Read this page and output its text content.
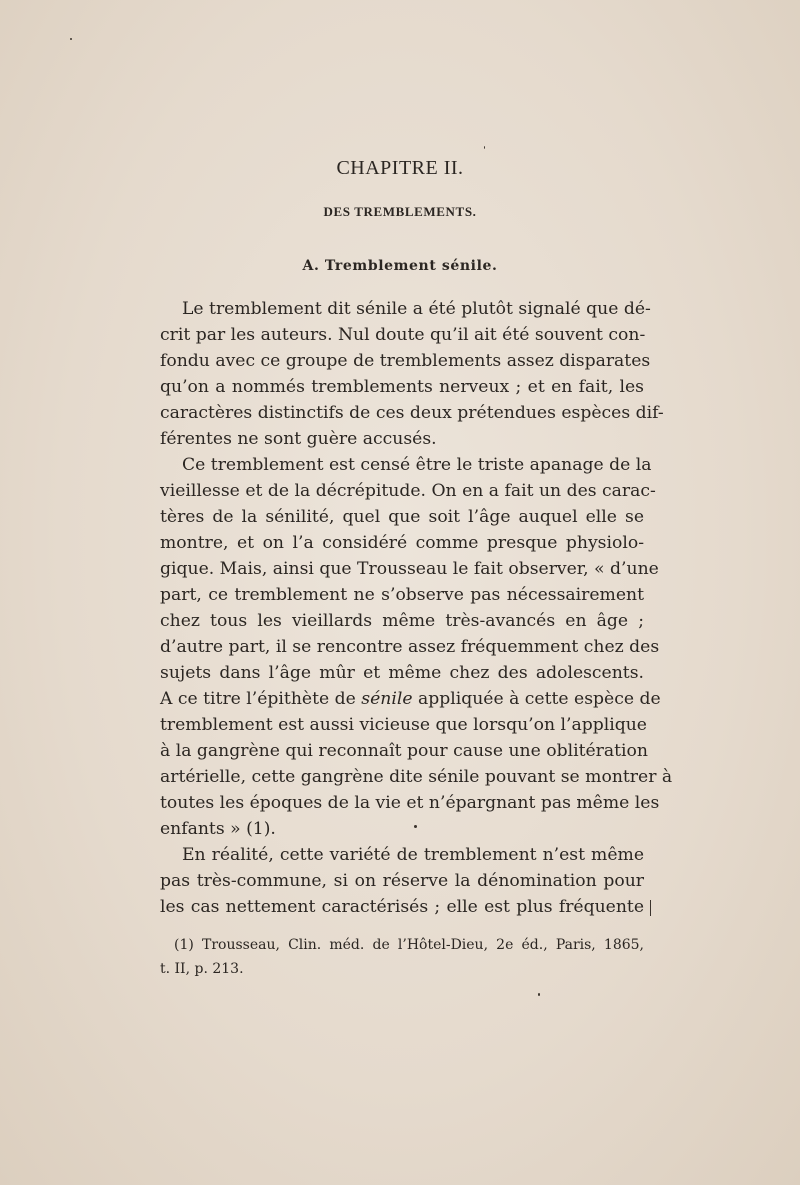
CHAPITRE II.
DES TREMBLEMENTS.
A. Tremblement sénile.
Le tremblement dit sénile a été plutôt signalé que dé-
crit par les auteurs. Nul doute qu’il ait été souvent con-
fondu avec ce groupe de tremblements assez disparates
qu’on a nommés tremblements nerveux ; et en fait, les
caractères distinctifs de ces deux prétendues espèces dif-
férentes ne sont guère accusés.
Ce tremblement est censé être le triste apanage de la
vieillesse et de la décrépitude. On en a fait un des carac-
tères de la sénilité, quel que soit l’âge auquel elle se
montre, et on l’a considéré comme presque physiolo-
gique. Mais, ainsi que Trousseau le fait observer, « d’une
part, ce tremblement ne s’observe pas nécessairement
chez tous les vieillards même très-avancés en âge ;
d’autre part, il se rencontre assez fréquemment chez des
sujets dans l’âge mûr et même chez des adolescents.
A ce titre l’épithète de sénile appliquée à cette espèce de
tremblement est aussi vicieuse que lorsqu’on l’applique
à la gangrène qui reconnaît pour cause une oblitération
artérielle, cette gangrène dite sénile pouvant se montrer à
toutes les époques de la vie et n’épargnant pas même les
enfants » (1).
En réalité, cette variété de tremblement n’est même
pas très-commune, si on réserve la dénomination pour
les cas nettement caractérisés ; elle est plus fréquente
(1) Trousseau, Clin. méd. de l’Hôtel-Dieu, 2e éd., Paris, 1865,
t. II, p. 213.
